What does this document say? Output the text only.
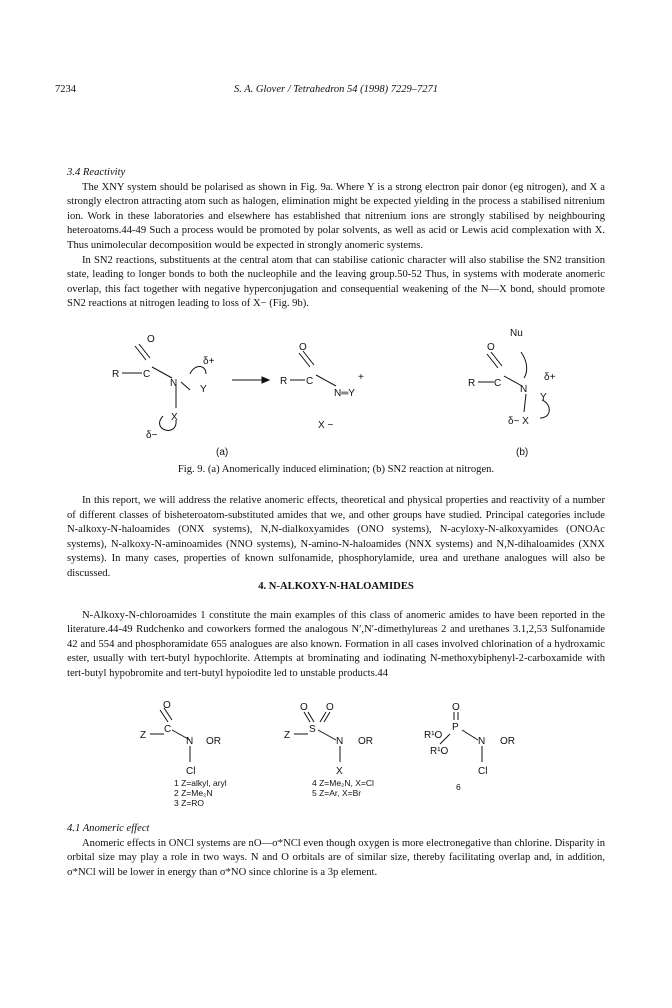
7234	S. A. Glover / Tetrahedron 54 (1998) 7229–7271

3.4 Reactivity

The XNY system should be polarised as shown in Fig. 9a. Where Y is a strong electron pair donor (eg nitrogen), and X a strongly electron attracting atom such as halogen, elimination might be expected yielding in the process a stabilised nitrenium ion. Work in these laboratories and elsewhere has established that nitrenium ions are strongly stabilised by neighbouring heteroatoms.44-49 Such a process would be promoted by polar solvents, as well as acid or Lewis acid complexation with X. Thus unimolecular decomposition would be expected in strongly anomeric systems.

In SN2 reactions, substituents at the central atom that can stabilise cationic character will also stabilise the SN2 transition state, leading to longer bonds to both the nucleophile and the leaving group.50-52 Thus, in systems with moderate anomeric overlap, this fact together with negative hyperconjugation and consequential weakening of the N—X bond, should promote SN2 reactions at nitrogen leading to loss of X− (Fig. 9b).

O
R C
N
Y
δ+
X
δ−
O
R C
N═Y
+
X −
(a)
Nu
O
R C
N
Y
δ+
δ− X
(b)
Fig. 9. (a) Anomerically induced elimination; (b) SN2 reaction at nitrogen.

In this report, we will address the relative anomeric effects, theoretical and physical properties and reactivity of a number of different classes of bisheteroatom-substituted amides that we, and other groups have studied. Principal categories include N-alkoxy-N-haloamides (ONX systems), N,N-dialkoxyamides (ONO systems), N-acyloxy-N-alkoxyamides (ONOAc systems), N-alkoxy-N-aminoamides (NNO systems), N-amino-N-haloamides (NNX systems) and N,N-dihaloamides (XNX systems). In many cases, properties of known sulfonamide, phosphorylamide, urea and urethane analogues will also be discussed.

4. N-ALKOXY-N-HALOAMIDES

N-Alkoxy-N-chloroamides 1 constitute the main examples of this class of anomeric amides to have been reported in the literature.44-49 Rudchenko and coworkers formed the analogous N′,N′-dimethylureas 2 and urethanes 3.1,2,53 Sulfonamide 42 and 554 and phosphoramidate 655 analogues are also known. Formation in all cases involved chlorination of a hydroxamic ester, usually with tert-butyl hypochlorite. Attempts at brominating and iodinating N-methoxybiphenyl-2-carboxamide with tert-butyl hypobromite and tert-butyl hypoiodite led to unstable products.44

O
Z
C
N OR
Cl
O O
Z
S
N OR
X
O
R¹O
P
R¹O
N OR
Cl
1 Z=alkyl, aryl
2 Z=Me₂N
3 Z=RO
4 Z=Me₂N, X=Cl
5 Z=Ar, X=Br
6

4.1 Anomeric effect

Anomeric effects in ONCl systems are nO—σ*NCl even though oxygen is more electronegative than chlorine. Disparity in orbital size may play a role in two ways. N and O orbitals are of similar size, thereby facilitating overlap and, in addition, σ*NCl will be lower in energy than σ*NO since chlorine is a 3p element.
